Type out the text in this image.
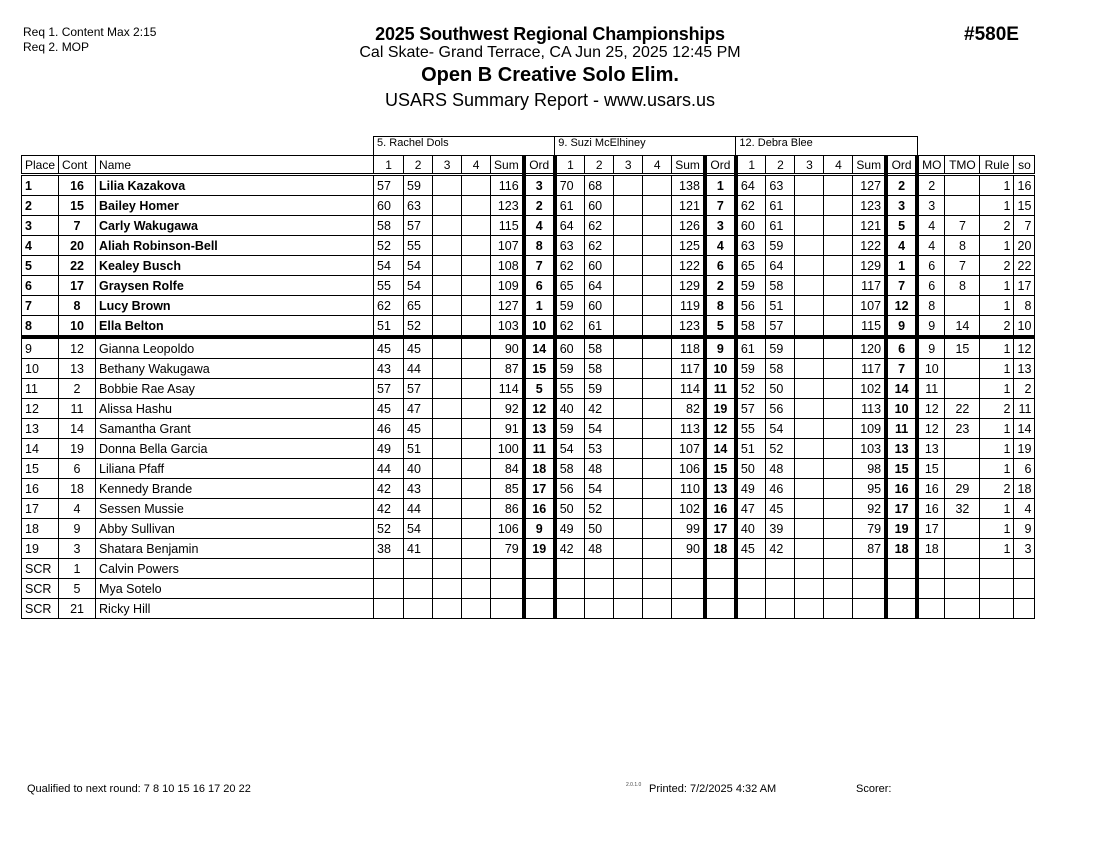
Req 1. Content Max 2:15
Req 2. MOP
2025 Southwest Regional Championships
Cal Skate- Grand Terrace, CA Jun 25, 2025 12:45 PM
Open B Creative Solo Elim.
USARS Summary Report - www.usars.us
#580E
			5. Rachel Dols						9. Suzi McElhiney						12. Debra Blee									
Place	Cont	Name	1	2	3	4	Sum	Ord	1	2	3	4	Sum	Ord	1	2	3	4	Sum	Ord	MO	TMO	Rule	so
1	16	Lilia Kazakova	57	59			116	3	70	68			138	1	64	63			127	2	2		1	16
2	15	Bailey Homer	60	63			123	2	61	60			121	7	62	61			123	3	3		1	15
3	7	Carly Wakugawa	58	57			115	4	64	62			126	3	60	61			121	5	4	7	2	7
4	20	Aliah Robinson-Bell	52	55			107	8	63	62			125	4	63	59			122	4	4	8	1	20
5	22	Kealey Busch	54	54			108	7	62	60			122	6	65	64			129	1	6	7	2	22
6	17	Graysen Rolfe	55	54			109	6	65	64			129	2	59	58			117	7	6	8	1	17
7	8	Lucy Brown	62	65			127	1	59	60			119	8	56	51			107	12	8		1	8
8	10	Ella Belton	51	52			103	10	62	61			123	5	58	57			115	9	9	14	2	10
9	12	Gianna Leopoldo	45	45			90	14	60	58			118	9	61	59			120	6	9	15	1	12
10	13	Bethany Wakugawa	43	44			87	15	59	58			117	10	59	58			117	7	10		1	13
11	2	Bobbie Rae Asay	57	57			114	5	55	59			114	11	52	50			102	14	11		1	2
12	11	Alissa Hashu	45	47			92	12	40	42			82	19	57	56			113	10	12	22	2	11
13	14	Samantha Grant	46	45			91	13	59	54			113	12	55	54			109	11	12	23	1	14
14	19	Donna Bella Garcia	49	51			100	11	54	53			107	14	51	52			103	13	13		1	19
15	6	Liliana Pfaff	44	40			84	18	58	48			106	15	50	48			98	15	15		1	6
16	18	Kennedy Brande	42	43			85	17	56	54			110	13	49	46			95	16	16	29	2	18
17	4	Sessen Mussie	42	44			86	16	50	52			102	16	47	45			92	17	16	32	1	4
18	9	Abby Sullivan	52	54			106	9	49	50			99	17	40	39			79	19	17		1	9
19	3	Shatara Benjamin	38	41			79	19	42	48			90	18	45	42			87	18	18		1	3
SCR	1	Calvin Powers																						
SCR	5	Mya Sotelo																						
SCR	21	Ricky Hill																						
Qualified to next round: 7 8 10 15 16 17 20 22	2.0.1.0 Printed: 7/2/2025 4:32 AM	Scorer:
